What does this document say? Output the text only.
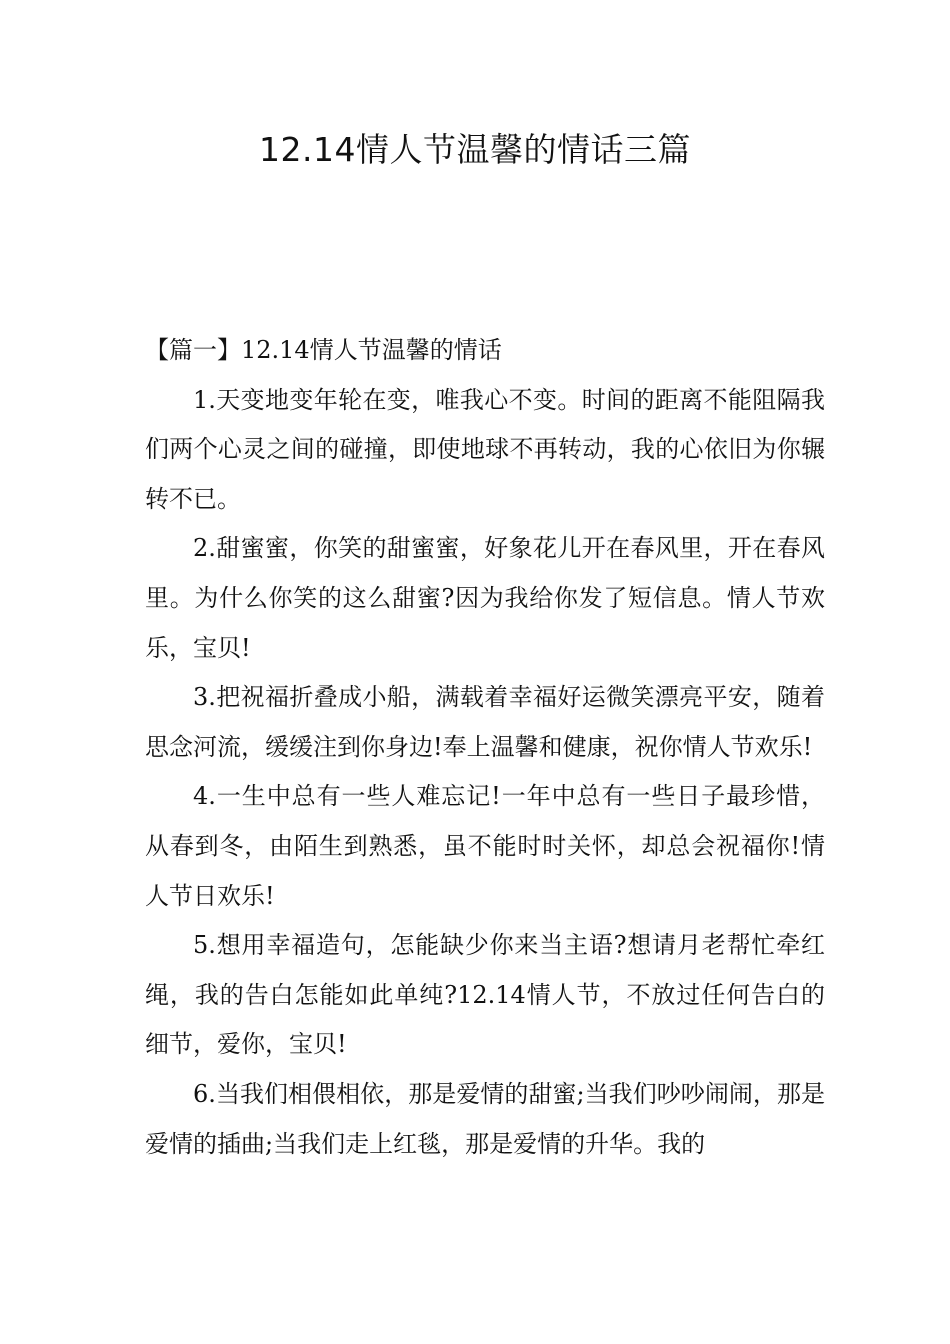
12.14情人节温馨的情话三篇
【篇一】12.14情人节温馨的情话

1.天变地变年轮在变，唯我心不变。时间的距离不能阻隔我们两个心灵之间的碰撞，即使地球不再转动，我的心依旧为你辗转不已。

2.甜蜜蜜，你笑的甜蜜蜜，好象花儿开在春风里，开在春风里。为什么你笑的这么甜蜜?因为我给你发了短信息。情人节欢乐，宝贝!

3.把祝福折叠成小船，满载着幸福好运微笑漂亮平安，随着思念河流，缓缓注到你身边!奉上温馨和健康，祝你情人节欢乐!

4.一生中总有一些人难忘记!一年中总有一些日子最珍惜，从春到冬，由陌生到熟悉，虽不能时时关怀，却总会祝福你!情人节日欢乐!

5.想用幸福造句，怎能缺少你来当主语?想请月老帮忙牵红绳，我的告白怎能如此单纯?12.14情人节，不放过任何告白的细节，爱你，宝贝!

6.当我们相偎相依，那是爱情的甜蜜;当我们吵吵闹闹，那是爱情的插曲;当我们走上红毯，那是爱情的升华。我的
